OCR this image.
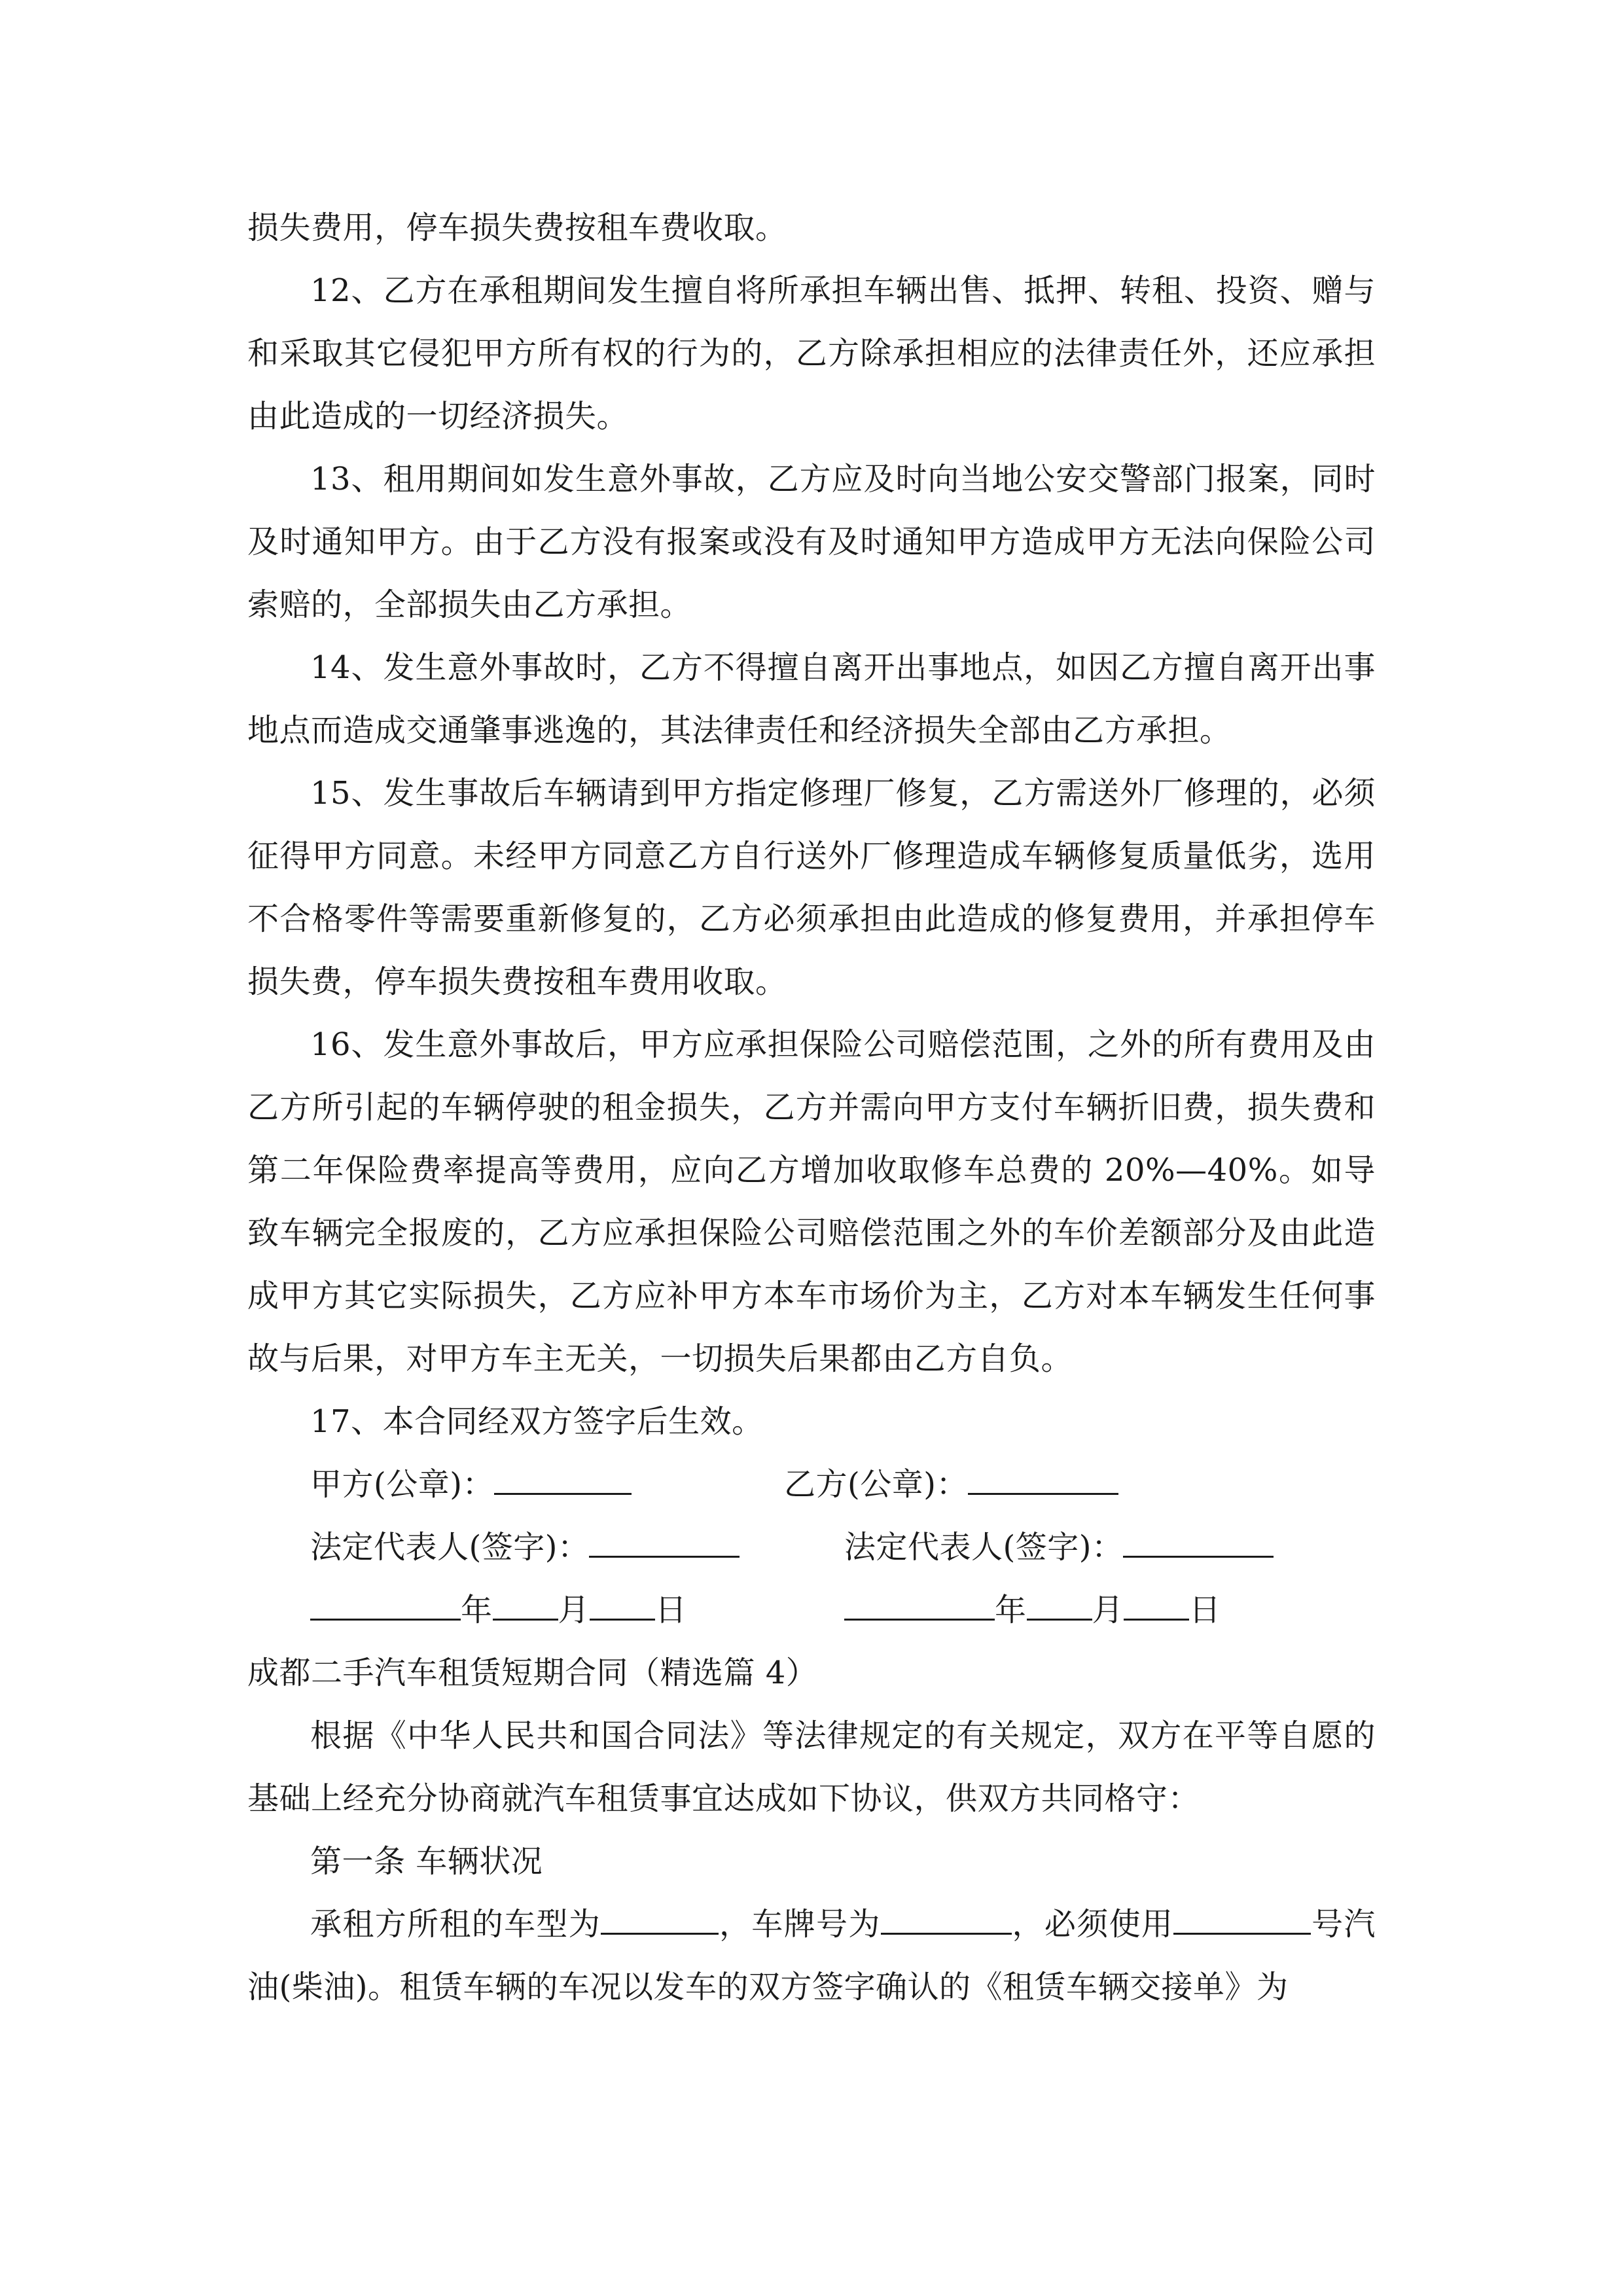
损失费用，停车损失费按租车费收取。

12、乙方在承租期间发生擅自将所承担车辆出售、抵押、转租、投资、赠与和采取其它侵犯甲方所有权的行为的，乙方除承担相应的法律责任外，还应承担由此造成的一切经济损失。

13、租用期间如发生意外事故，乙方应及时向当地公安交警部门报案，同时及时通知甲方。由于乙方没有报案或没有及时通知甲方造成甲方无法向保险公司索赔的，全部损失由乙方承担。

14、发生意外事故时，乙方不得擅自离开出事地点，如因乙方擅自离开出事地点而造成交通肇事逃逸的，其法律责任和经济损失全部由乙方承担。

15、发生事故后车辆请到甲方指定修理厂修复，乙方需送外厂修理的，必须征得甲方同意。未经甲方同意乙方自行送外厂修理造成车辆修复质量低劣，选用不合格零件等需要重新修复的，乙方必须承担由此造成的修复费用，并承担停车损失费，停车损失费按租车费用收取。

16、发生意外事故后，甲方应承担保险公司赔偿范围，之外的所有费用及由乙方所引起的车辆停驶的租金损失，乙方并需向甲方支付车辆折旧费，损失费和第二年保险费率提高等费用，应向乙方增加收取修车总费的 20%—40%。如导致车辆完全报废的，乙方应承担保险公司赔偿范围之外的车价差额部分及由此造成甲方其它实际损失，乙方应补甲方本车市场价为主，乙方对本车辆发生任何事故与后果，对甲方车主无关，一切损失后果都由乙方自负。

17、本合同经双方签字后生效。

甲方(公章)：	乙方(公章)：
法定代表人(签字)：	法定代表人(签字)：
年 月 日	年 月 日

成都二手汽车租赁短期合同（精选篇 4）

根据《中华人民共和国合同法》等法律规定的有关规定，双方在平等自愿的基础上经充分协商就汽车租赁事宜达成如下协议，供双方共同格守：

第一条 车辆状况

承租方所租的车型为	，车牌号为	，必须使用	号汽油(柴油)。租赁车辆的车况以发车的双方签字确认的《租赁车辆交接单》为
